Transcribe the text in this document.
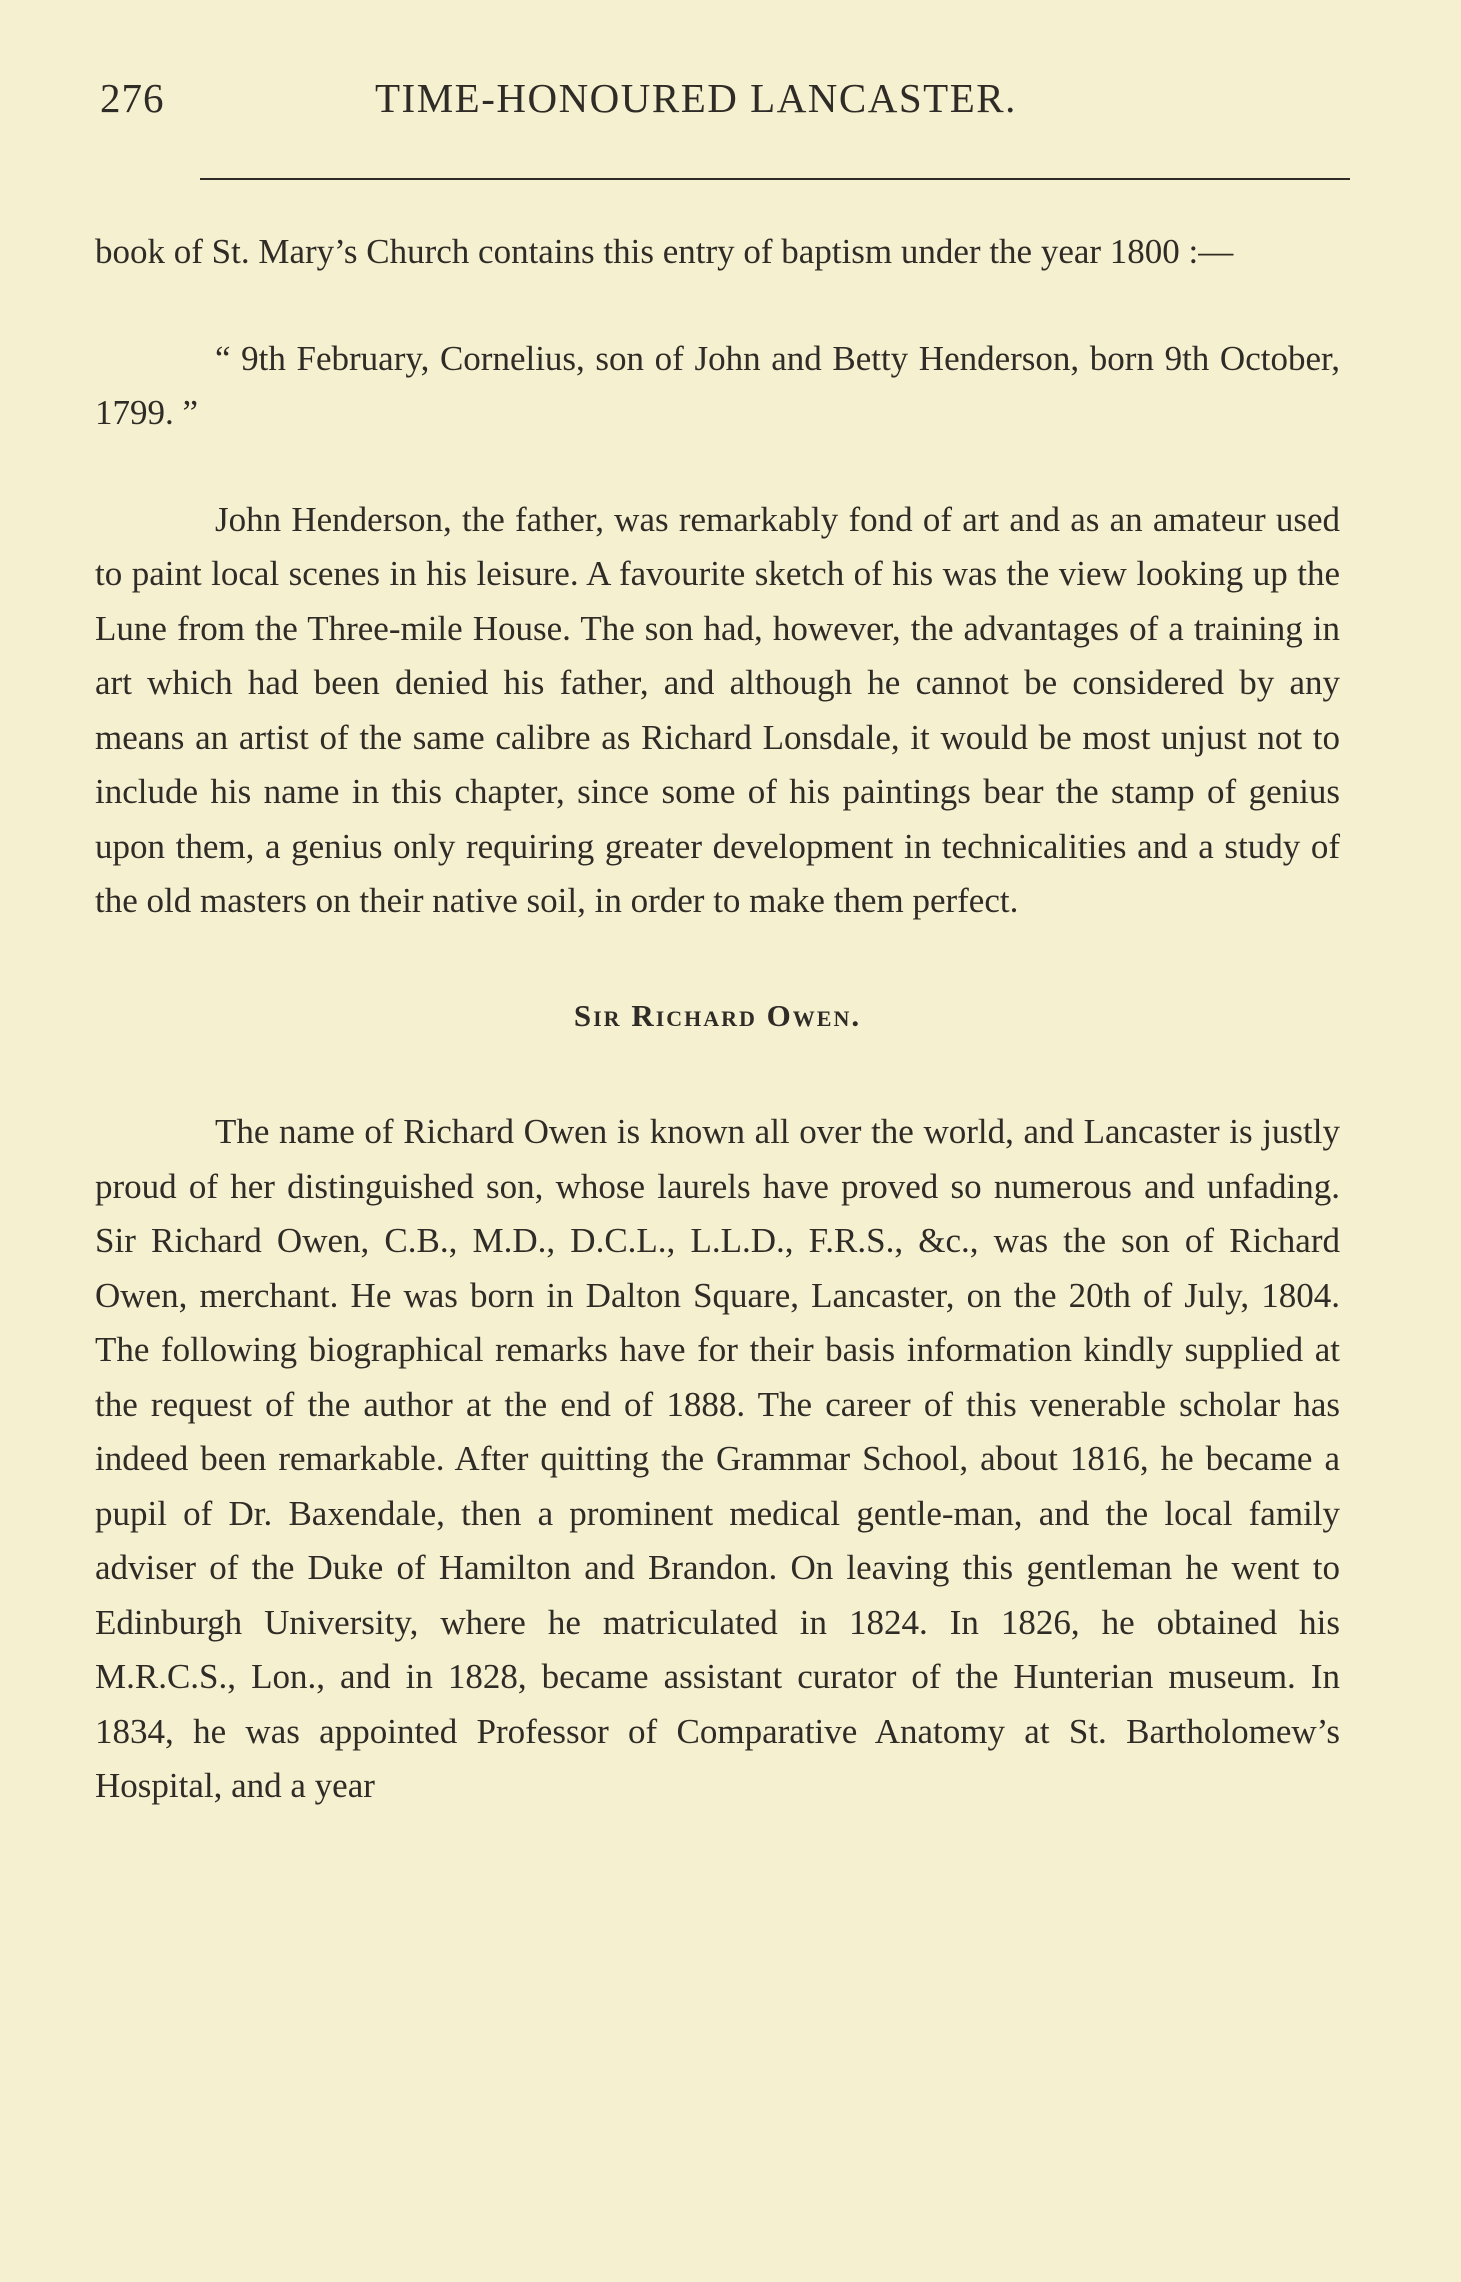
276	TIME-HONOURED LANCASTER.

book of St. Mary’s Church contains this entry of baptism under the year 1800 :—

“ 9th February, Cornelius, son of John and Betty Henderson, born 9th October, 1799. ”

John Henderson, the father, was remarkably fond of art and as an amateur used to paint local scenes in his leisure. A favourite sketch of his was the view looking up the Lune from the Three-mile House. The son had, however, the advantages of a training in art which had been denied his father, and although he cannot be considered by any means an artist of the same calibre as Richard Lonsdale, it would be most unjust not to include his name in this chapter, since some of his paintings bear the stamp of genius upon them, a genius only requiring greater development in technicalities and a study of the old masters on their native soil, in order to make them perfect.

Sir Richard Owen.

The name of Richard Owen is known all over the world, and Lancaster is justly proud of her distinguished son, whose laurels have proved so numerous and unfading. Sir Richard Owen, C.B., M.D., D.C.L., L.L.D., F.R.S., &c., was the son of Richard Owen, merchant. He was born in Dalton Square, Lancaster, on the 20th of July, 1804. The following biographical remarks have for their basis information kindly supplied at the request of the author at the end of 1888. The career of this venerable scholar has indeed been remarkable. After quitting the Grammar School, about 1816, he became a pupil of Dr. Baxendale, then a prominent medical gentle-man, and the local family adviser of the Duke of Hamilton and Brandon. On leaving this gentleman he went to Edinburgh University, where he matriculated in 1824. In 1826, he obtained his M.R.C.S., Lon., and in 1828, became assistant curator of the Hunterian museum. In 1834, he was appointed Professor of Comparative Anatomy at St. Bartholomew’s Hospital, and a year
